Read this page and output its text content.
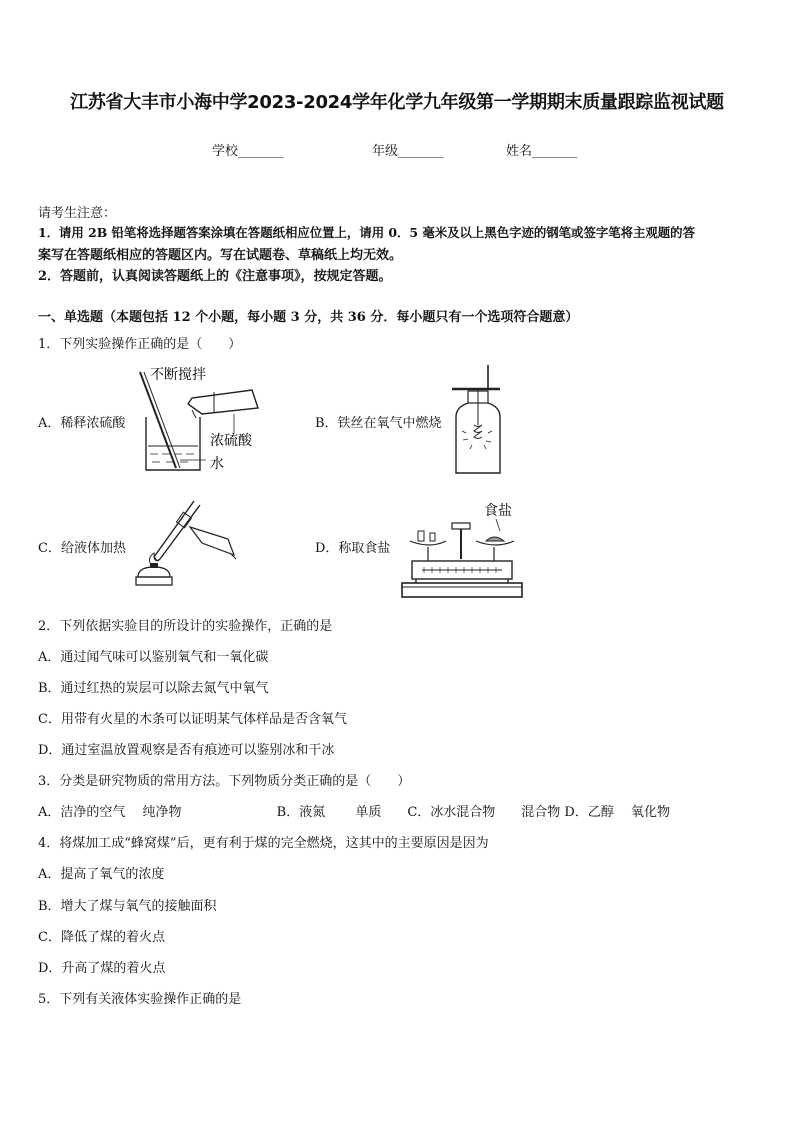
江苏省大丰市小海中学2023-2024学年化学九年级第一学期期末质量跟踪监视试题
学校_______	年级_______	姓名_______
请考生注意：
1．请用 2B 铅笔将选择题答案涂填在答题纸相应位置上，请用 0．5 毫米及以上黑色字迹的钢笔或签字笔将主观题的答
案写在答题纸相应的答题区内。写在试题卷、草稿纸上均无效。
2．答题前，认真阅读答题纸上的《注意事项》，按规定答题。
一、单选题（本题包括 12 个小题，每小题 3 分，共 36 分．每小题只有一个选项符合题意）
1．下列实验操作正确的是（　　）
A．稀释浓硫酸	B．铁丝在氧气中燃烧
C．给液体加热	D．称取食盐
不断搅拌
浓硫酸
水
食盐
2．下列依据实验目的所设计的实验操作，正确的是
A．通过闻气味可以鉴别氧气和一氧化碳
B．通过红热的炭层可以除去氮气中氧气
C．用带有火星的木条可以证明某气体样品是否含氧气
D．通过室温放置观察是否有痕迹可以鉴别冰和干冰
3．分类是研究物质的常用方法。下列物质分类正确的是（　　）
A．洁净的空气　 纯净物　　　　　　　 B．液氮　　 单质　　C．冰水混合物　　混合物 D．乙醇　 氧化物
4．将煤加工成“蜂窝煤”后，更有利于煤的完全燃烧，这其中的主要原因是因为
A．提高了氧气的浓度
B．增大了煤与氧气的接触面积
C．降低了煤的着火点
D．升高了煤的着火点
5．下列有关液体实验操作正确的是
